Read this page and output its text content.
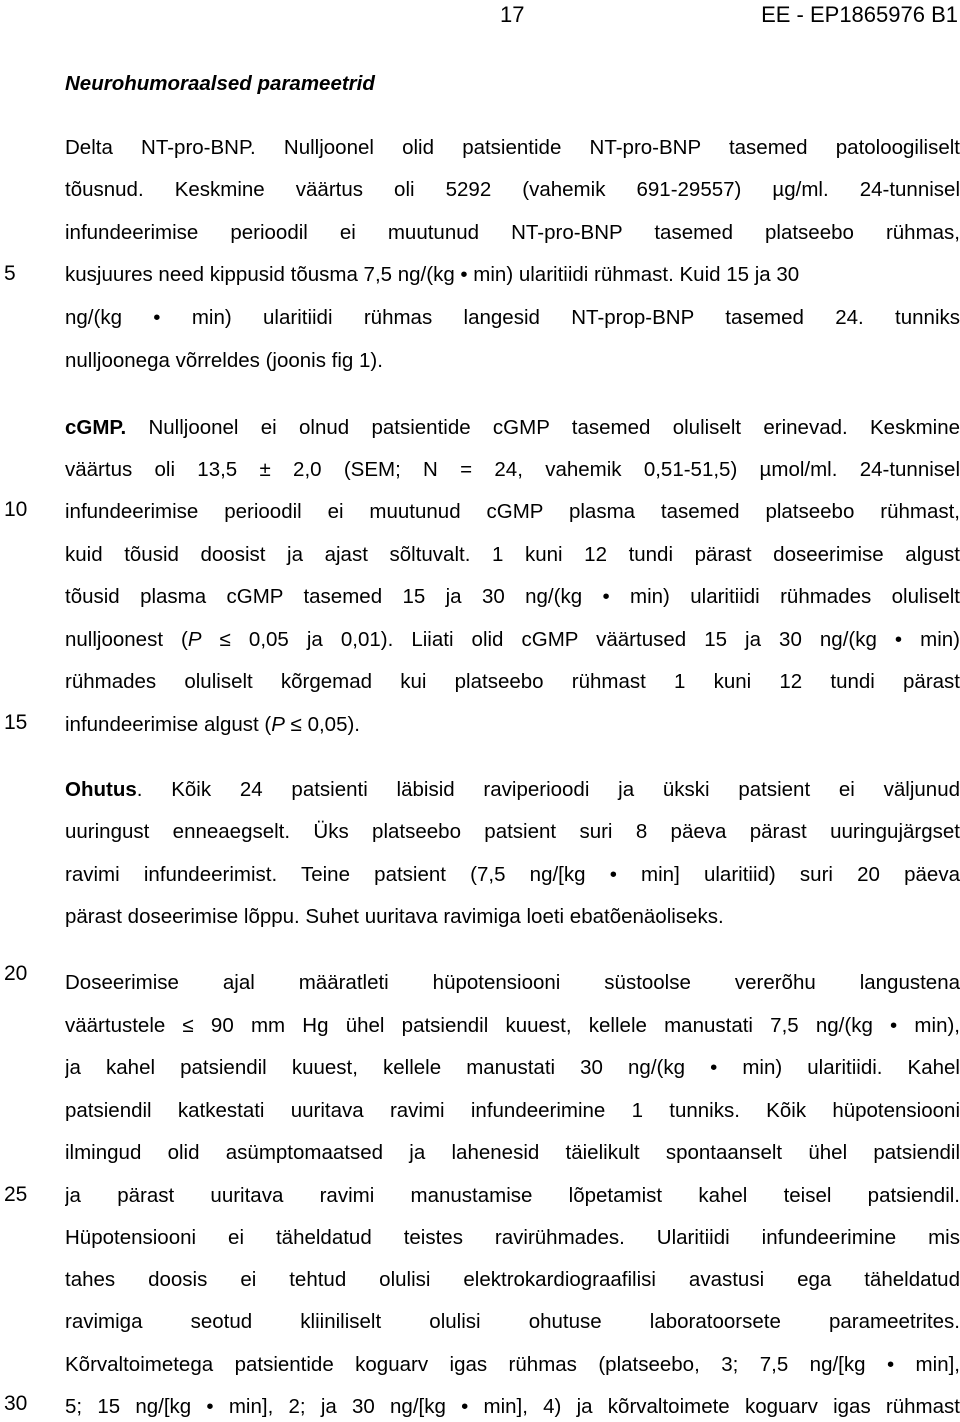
17	EE - EP1865976 B1
5
10
15
20
25
30
Neurohumoraalsed parameetrid
Delta NT-pro-BNP. Nulljoonel olid patsientide NT-pro-BNP tasemed patoloogiliselt
tõusnud. Keskmine väärtus oli 5292 (vahemik 691-29557) µg/ml. 24-tunnisel
infundeerimise perioodil ei muutunud NT-pro-BNP tasemed platseebo rühmas,
kusjuures need kippusid tõusma 7,5 ng/(kg • min) ularitiidi rühmast. Kuid 15 ja 30
ng/(kg • min) ularitiidi rühmas langesid NT-prop-BNP tasemed 24. tunniks
nulljoonega võrreldes (joonis fig 1).
cGMP. Nulljoonel ei olnud patsientide cGMP tasemed oluliselt erinevad. Keskmine
väärtus oli 13,5 ± 2,0 (SEM; N = 24, vahemik 0,51-51,5) µmol/ml. 24-tunnisel
infundeerimise perioodil ei muutunud cGMP plasma tasemed platseebo rühmast,
kuid tõusid doosist ja ajast sõltuvalt. 1 kuni 12 tundi pärast doseerimise algust
tõusid plasma cGMP tasemed 15 ja 30 ng/(kg • min) ularitiidi rühmades oluliselt
nulljoonest (P ≤ 0,05 ja 0,01). Liiati olid cGMP väärtused 15 ja 30 ng/(kg • min)
rühmades oluliselt kõrgemad kui platseebo rühmast 1 kuni 12 tundi pärast
infundeerimise algust (P ≤ 0,05).
Ohutus. Kõik 24 patsienti läbisid raviperioodi ja ükski patsient ei väljunud
uuringust enneaegselt. Üks platseebo patsient suri 8 päeva pärast uuringujärgset
ravimi infundeerimist. Teine patsient (7,5 ng/[kg • min] ularitiid) suri 20 päeva
pärast doseerimise lõppu. Suhet uuritava ravimiga loeti ebatõenäoliseks.
Doseerimise ajal määratleti hüpotensiooni süstoolse vererõhu langustena
väärtustele ≤ 90 mm Hg ühel patsiendil kuuest, kellele manustati 7,5 ng/(kg • min),
ja kahel patsiendil kuuest, kellele manustati 30 ng/(kg • min) ularitiidi. Kahel
patsiendil katkestati uuritava ravimi infundeerimine 1 tunniks. Kõik hüpotensiooni
ilmingud olid asümptomaatsed ja lahenesid täielikult spontaanselt ühel patsiendil
ja pärast uuritava ravimi manustamise lõpetamist kahel teisel patsiendil.
Hüpotensiooni ei täheldatud teistes ravirühmades. Ularitiidi infundeerimine mis
tahes doosis ei tehtud olulisi elektrokardiograafilisi avastusi ega täheldatud
ravimiga seotud kliiniliselt olulisi ohutuse laboratoorsete parameetrites.
Kõrvaltoimetega patsientide koguarv igas rühmas (platseebo, 3; 7,5 ng/[kg • min],
5; 15 ng/[kg • min], 2; ja 30 ng/[kg • min], 4) ja kõrvaltoimete koguarv igas rühmast
